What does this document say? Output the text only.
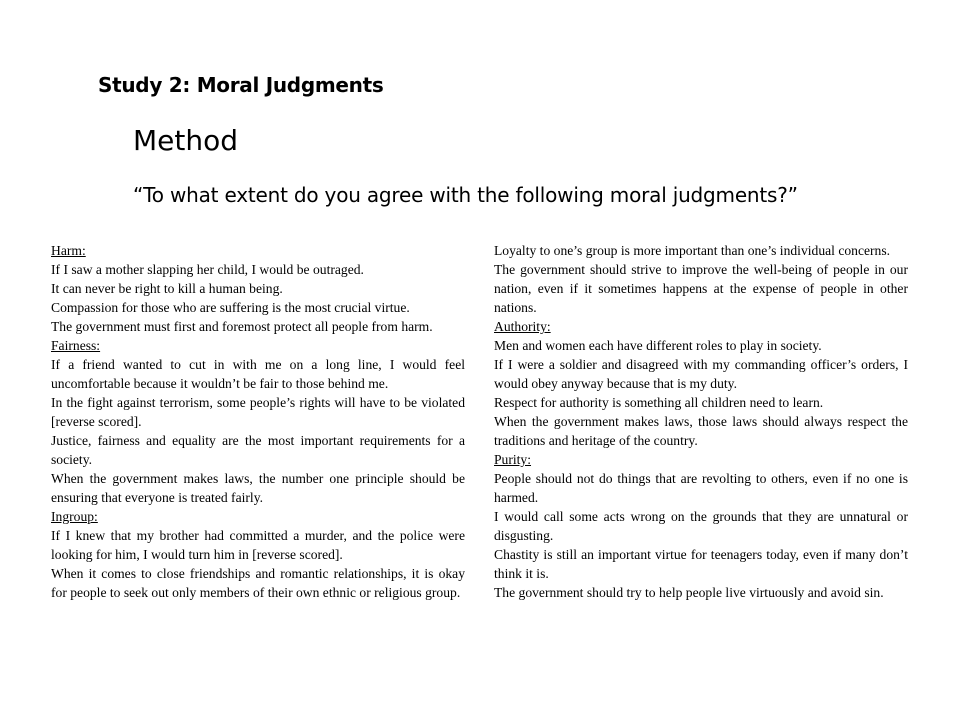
Study 2: Moral Judgments
Method
“To what extent do you agree with the following moral judgments?”
Harm:
If I saw a mother slapping her child, I would be outraged.
It can never be right to kill a human being.
Compassion for those who are suffering is the most crucial virtue.
The government must first and foremost protect all people from harm.
Fairness:
If a friend wanted to cut in with me on a long line, I would feel uncomfortable because it wouldn’t be fair to those behind me.
In the fight against terrorism, some people’s rights will have to be violated [reverse scored].
Justice, fairness and equality are the most important requirements for a society.
When the government makes laws, the number one principle should be ensuring that everyone is treated fairly.
Ingroup:
If I knew that my brother had committed a murder, and the police were looking for him, I would turn him in [reverse scored].
When it comes to close friendships and romantic relationships, it is okay for people to seek out only members of their own ethnic or religious group.
Loyalty to one’s group is more important than one’s individual concerns.
The government should strive to improve the well-being of people in our nation, even if it sometimes happens at the expense of people in other nations.
Authority:
Men and women each have different roles to play in society.
If I were a soldier and disagreed with my commanding officer’s orders, I would obey anyway because that is my duty.
Respect for authority is something all children need to learn.
When the government makes laws, those laws should always respect the traditions and heritage of the country.
Purity:
People should not do things that are revolting to others, even if no one is harmed.
I would call some acts wrong on the grounds that they are unnatural or disgusting.
Chastity is still an important virtue for teenagers today, even if many don’t think it is.
The government should try to help people live virtuously and avoid sin.
